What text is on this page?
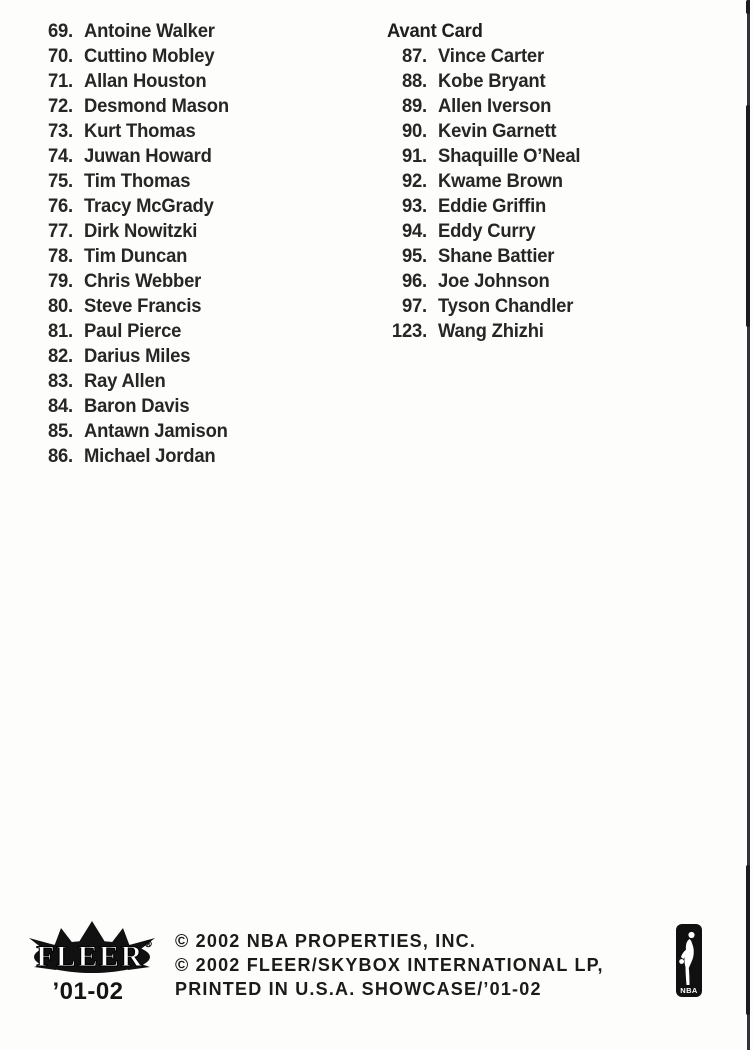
69. Antoine Walker
70. Cuttino Mobley
71. Allan Houston
72. Desmond Mason
73. Kurt Thomas
74. Juwan Howard
75. Tim Thomas
76. Tracy McGrady
77. Dirk Nowitzki
78. Tim Duncan
79. Chris Webber
80. Steve Francis
81. Paul Pierce
82. Darius Miles
83. Ray Allen
84. Baron Davis
85. Antawn Jamison
86. Michael Jordan
Avant Card
87. Vince Carter
88. Kobe Bryant
89. Allen Iverson
90. Kevin Garnett
91. Shaquille O’Neal
92. Kwame Brown
93. Eddie Griffin
94. Eddy Curry
95. Shane Battier
96. Joe Johnson
97. Tyson Chandler
123. Wang Zhizhi
FLEER ®
’01-02
© 2002 NBA PROPERTIES, INC.
© 2002 FLEER/SKYBOX INTERNATIONAL LP,
PRINTED IN U.S.A. SHOWCASE/’01-02	NBA
